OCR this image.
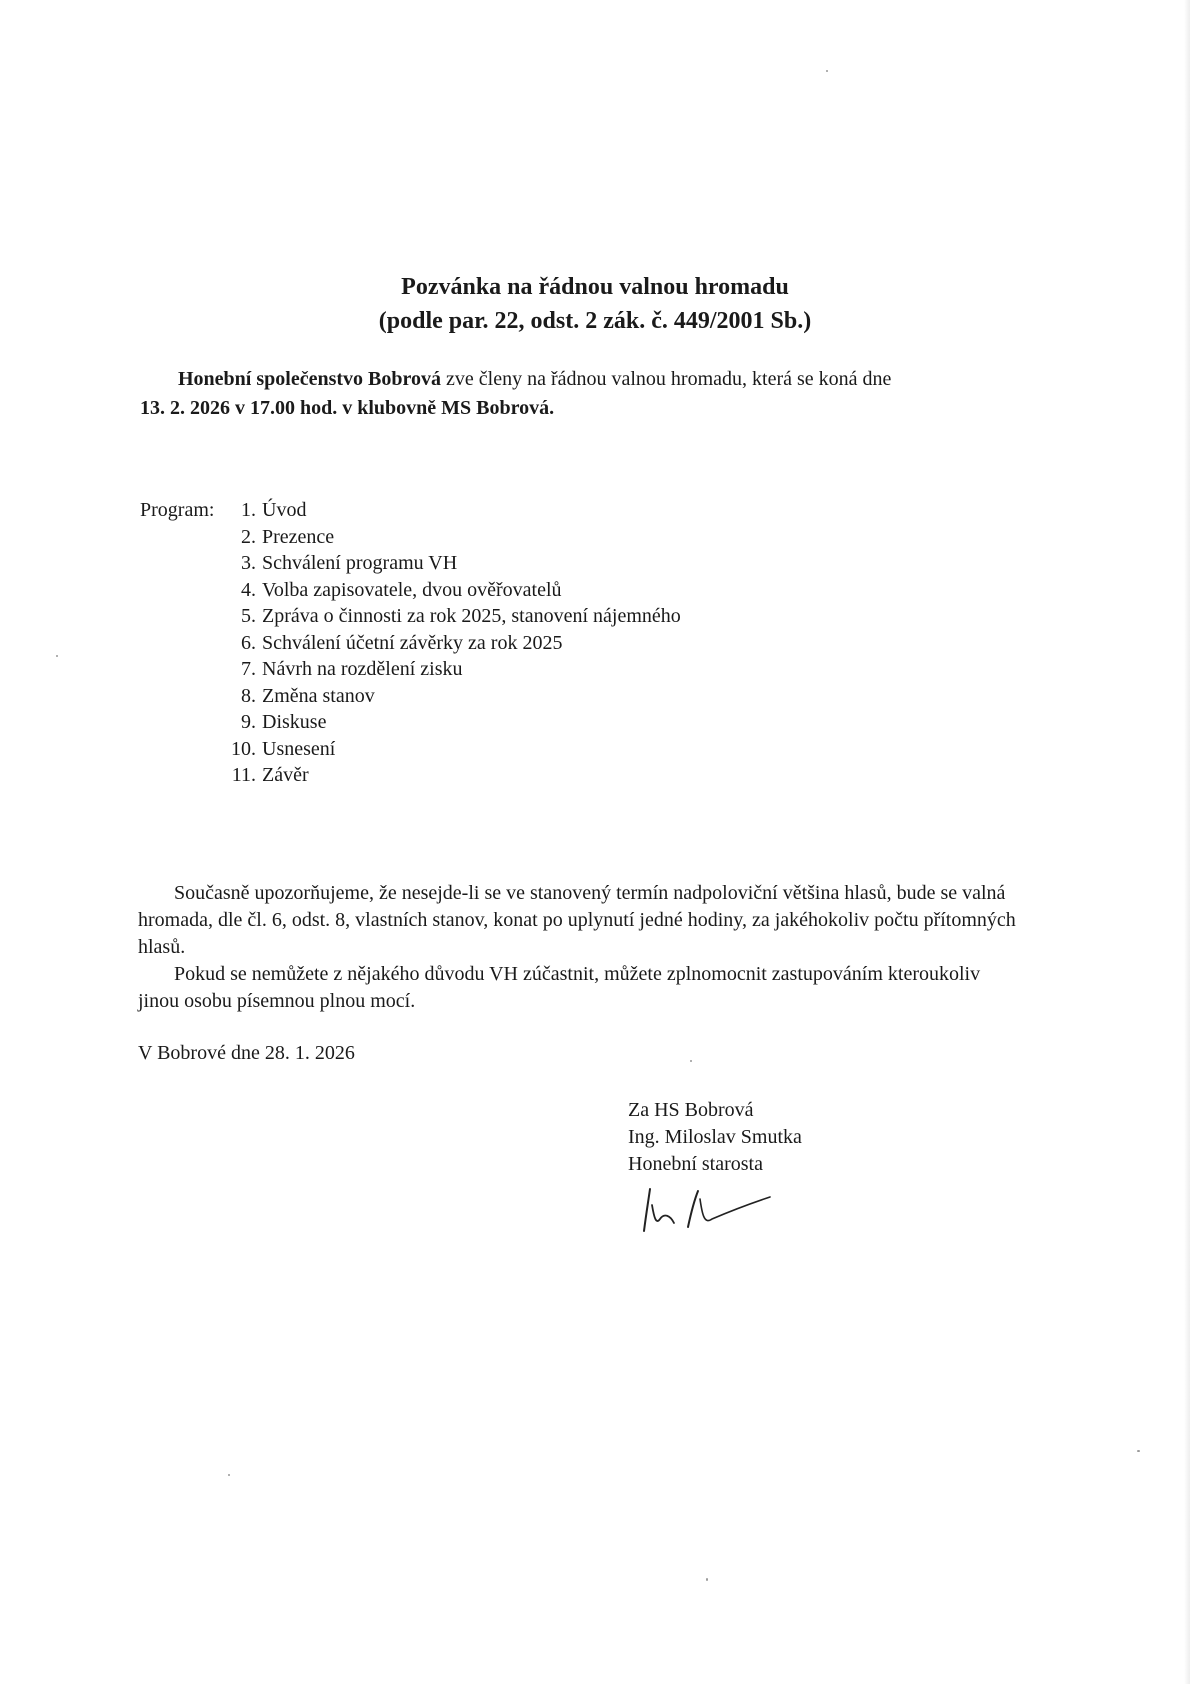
Pozvánka na řádnou valnou hromadu
(podle par. 22, odst. 2 zák. č. 449/2001 Sb.)
Honební společenstvo Bobrová zve členy na řádnou valnou hromadu, která se koná dne
13. 2. 2026 v 17.00 hod. v klubovně MS Bobrová.
Program: 1. Úvod
2. Prezence
3. Schválení programu VH
4. Volba zapisovatele, dvou ověřovatelů
5. Zpráva o činnosti za rok 2025, stanovení nájemného
6. Schválení účetní závěrky za rok 2025
7. Návrh na rozdělení zisku
8. Změna stanov
9. Diskuse
10. Usnesení
11. Závěr
Současně upozorňujeme, že nesejde-li se ve stanovený termín nadpoloviční většina hlasů, bude se valná hromada, dle čl. 6, odst. 8, vlastních stanov, konat po uplynutí jedné hodiny, za jakéhokoliv počtu přítomných hlasů.
Pokud se nemůžete z nějakého důvodu VH zúčastnit, můžete zplnomocnit zastupováním kteroukoliv jinou osobu písemnou plnou mocí.
V Bobrové dne 28. 1. 2026
Za HS Bobrová
Ing. Miloslav Smutka
Honební starosta
